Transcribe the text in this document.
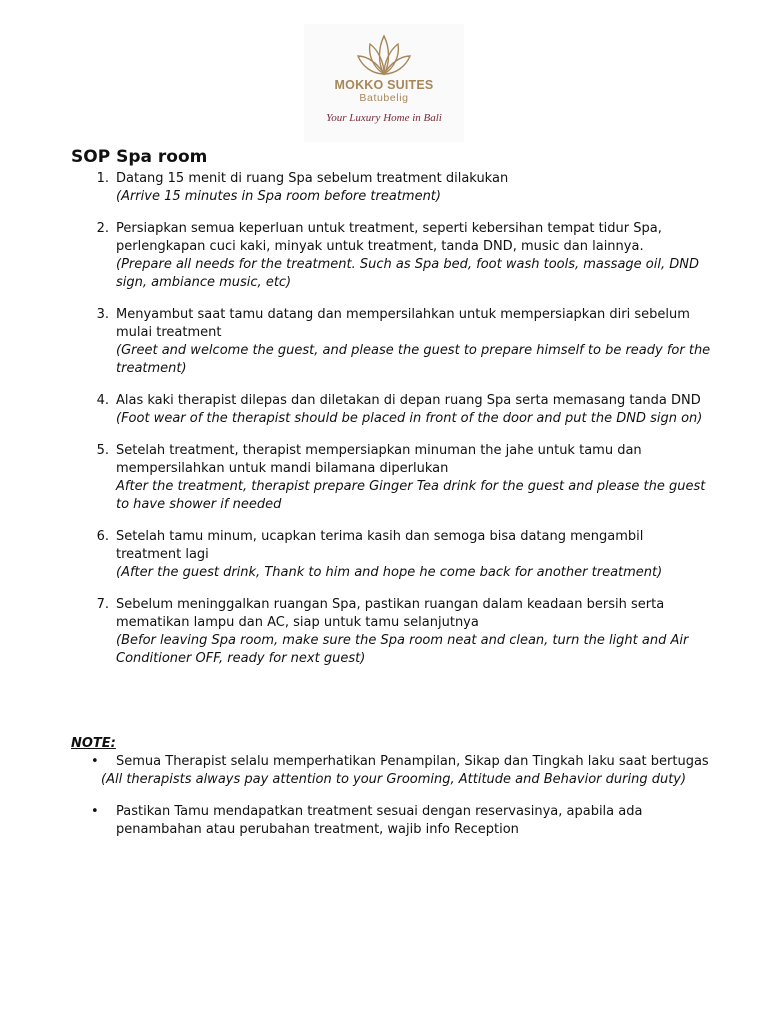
MOKKO SUITES
Batubelig
Your Luxury Home in Bali
SOP Spa room
1. Datang 15 menit di ruang Spa sebelum treatment dilakukan
(Arrive 15 minutes in Spa room before treatment)
2. Persiapkan semua keperluan untuk treatment, seperti kebersihan tempat tidur Spa, perlengkapan cuci kaki, minyak untuk treatment, tanda DND, music dan lainnya.
(Prepare all needs for the treatment. Such as Spa bed, foot wash tools, massage oil, DND sign, ambiance music, etc)
3. Menyambut saat tamu datang dan mempersilahkan untuk mempersiapkan diri sebelum mulai treatment
(Greet and welcome the guest, and please the guest to prepare himself to be ready for the treatment)
4. Alas kaki therapist dilepas dan diletakan di depan ruang Spa serta memasang tanda DND
(Foot wear of the therapist should be placed in front of the door and put the DND sign on)
5. Setelah treatment, therapist mempersiapkan minuman the jahe untuk tamu dan mempersilahkan untuk mandi bilamana diperlukan
After the treatment, therapist prepare Ginger Tea drink for the guest and please the guest to have shower if needed
6. Setelah tamu minum, ucapkan terima kasih dan semoga bisa datang mengambil treatment lagi
(After the guest drink, Thank to him and hope he come back for another treatment)
7. Sebelum meninggalkan ruangan Spa, pastikan ruangan dalam keadaan bersih serta mematikan lampu dan AC, siap untuk tamu selanjutnya
(Befor leaving Spa room, make sure the Spa room neat and clean, turn the light and Air Conditioner OFF, ready for next guest)
NOTE:
• Semua Therapist selalu memperhatikan Penampilan, Sikap dan Tingkah laku saat bertugas
(All therapists always pay attention to your Grooming, Attitude and Behavior during duty)
• Pastikan Tamu mendapatkan treatment sesuai dengan reservasinya, apabila ada penambahan atau perubahan treatment, wajib info Reception
